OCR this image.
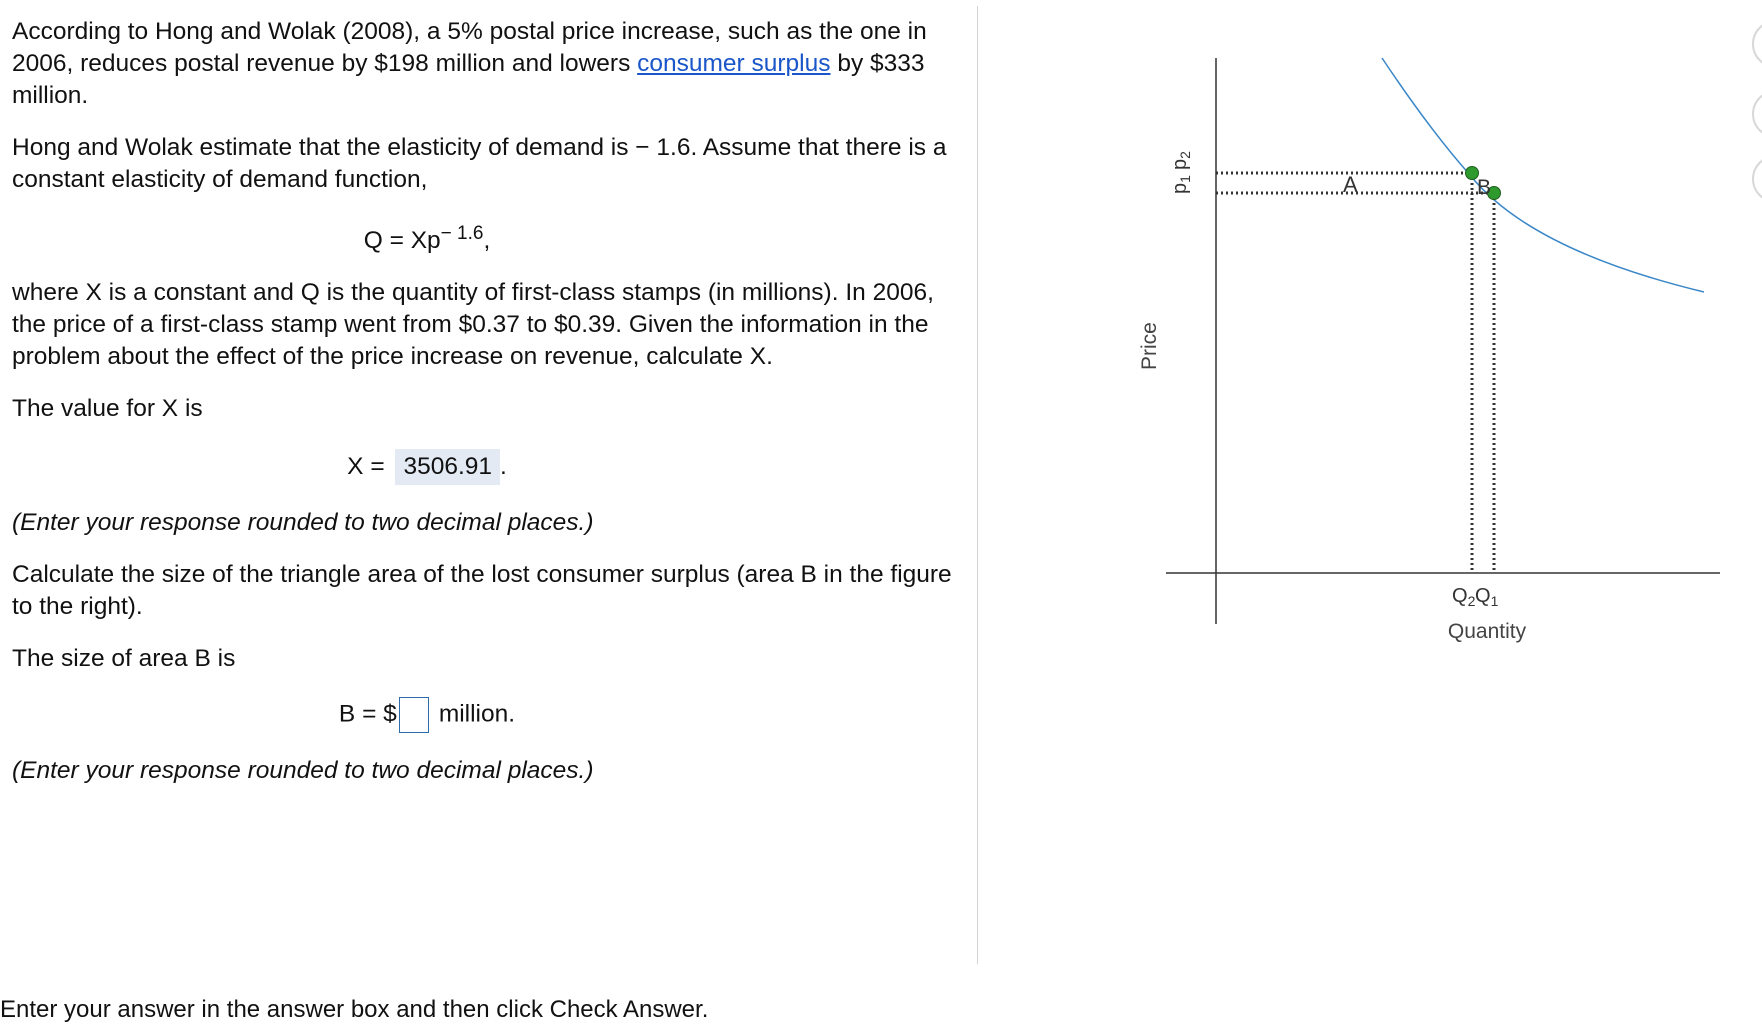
According to Hong and Wolak (2008), a 5% postal price increase, such as the one in 2006, reduces postal revenue by $198 million and lowers consumer surplus by $333 million.

Hong and Wolak estimate that the elasticity of demand is − 1.6. Assume that there is a constant elasticity of demand function,

$Q = Xp^{- 1.6}$,

where X is a constant and Q is the quantity of first-class stamps (in millions). In 2006, the price of a first-class stamp went from $0.37 to $0.39. Given the information in the problem about the effect of the price increase on revenue, calculate X.

The value for X is

X = 3506.91 .

(Enter your response rounded to two decimal places.)

Calculate the size of the triangle area of the lost consumer surplus (area B in the figure to the right).

The size of area B is

B = $ million.

(Enter your response rounded to two decimal places.)

A	B
$p_2$
$p_1$
$Q_2$ $Q_1$
Price
Quantity
Enter your answer in the answer box and then click Check Answer.
